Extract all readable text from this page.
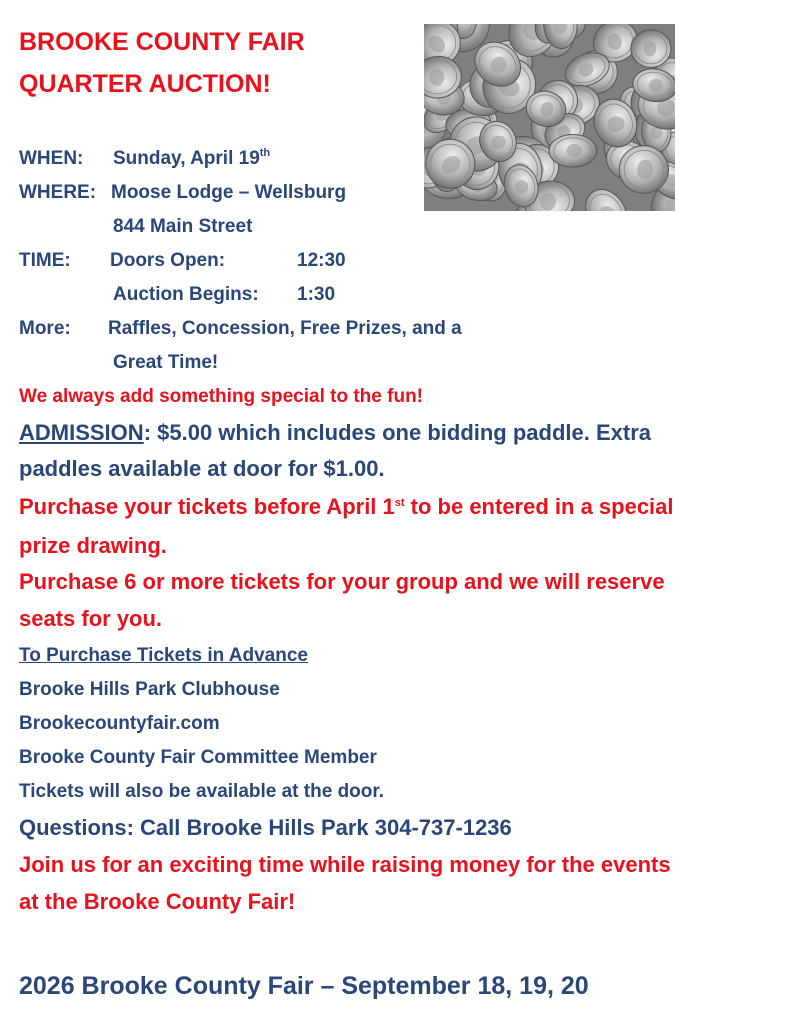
BROOKE COUNTY FAIR
QUARTER AUCTION!
WHEN: Sunday, April 19th
WHERE: Moose Lodge – Wellsburg
844 Main Street
TIME: Doors Open:	12:30
Auction Begins: 1:30
More: Raffles, Concession, Free Prizes, and a
Great Time!
We always add something special to the fun!
ADMISSION: $5.00 which includes one bidding paddle. Extra
paddles available at door for $1.00.
Purchase your tickets before April 1st to be entered in a special
prize drawing.
Purchase 6 or more tickets for your group and we will reserve
seats for you.
To Purchase Tickets in Advance
Brooke Hills Park Clubhouse
Brookecountyfair.com
Brooke County Fair Committee Member
Tickets will also be available at the door.
Questions: Call Brooke Hills Park 304-737-1236
Join us for an exciting time while raising money for the events
at the Brooke County Fair!
2026 Brooke County Fair – September 18, 19, 20
